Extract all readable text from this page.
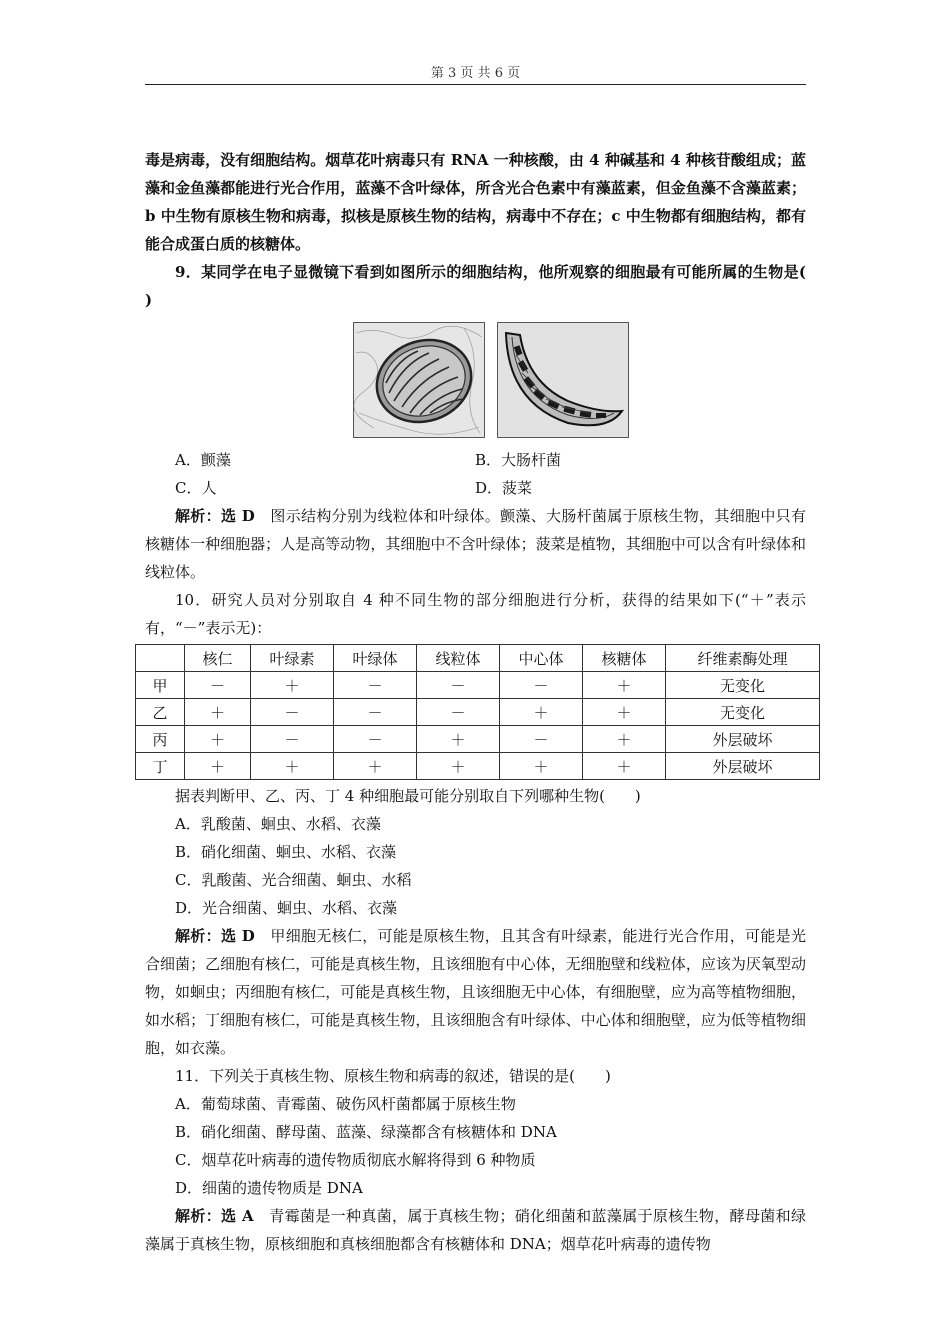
第 3 页 共 6 页

毒是病毒，没有细胞结构。烟草花叶病毒只有 RNA 一种核酸，由 4 种碱基和 4 种核苷酸组成；蓝藻和金鱼藻都能进行光合作用，蓝藻不含叶绿体，所含光合色素中有藻蓝素，但金鱼藻不含藻蓝素；b 中生物有原核生物和病毒，拟核是原核生物的结构，病毒中不存在；c 中生物都有细胞结构，都有能合成蛋白质的核糖体。

9．某同学在电子显微镜下看到如图所示的细胞结构，他所观察的细胞最有可能所属的生物是(　　)

A．颤藻	B．大肠杆菌
C．人	D．菠菜

解析：选 D　图示结构分别为线粒体和叶绿体。颤藻、大肠杆菌属于原核生物，其细胞中只有核糖体一种细胞器；人是高等动物，其细胞中不含叶绿体；菠菜是植物，其细胞中可以含有叶绿体和线粒体。

10．研究人员对分别取自 4 种不同生物的部分细胞进行分析，获得的结果如下(“＋”表示有，“－”表示无)：

	核仁	叶绿素	叶绿体	线粒体	中心体	核糖体	纤维素酶处理
甲	－	＋	－	－	－	＋	无变化
乙	＋	－	－	－	＋	＋	无变化
丙	＋	－	－	＋	－	＋	外层破坏
丁	＋	＋	＋	＋	＋	＋	外层破坏

据表判断甲、乙、丙、丁 4 种细胞最可能分别取自下列哪种生物(　　)

A．乳酸菌、蛔虫、水稻、衣藻
B．硝化细菌、蛔虫、水稻、衣藻
C．乳酸菌、光合细菌、蛔虫、水稻
D．光合细菌、蛔虫、水稻、衣藻

解析：选 D　甲细胞无核仁，可能是原核生物，且其含有叶绿素，能进行光合作用，可能是光合细菌；乙细胞有核仁，可能是真核生物，且该细胞有中心体，无细胞壁和线粒体，应该为厌氧型动物，如蛔虫；丙细胞有核仁，可能是真核生物，且该细胞无中心体，有细胞壁，应为高等植物细胞，如水稻；丁细胞有核仁，可能是真核生物，且该细胞含有叶绿体、中心体和细胞壁，应为低等植物细胞，如衣藻。

11．下列关于真核生物、原核生物和病毒的叙述，错误的是(　　)

A．葡萄球菌、青霉菌、破伤风杆菌都属于原核生物
B．硝化细菌、酵母菌、蓝藻、绿藻都含有核糖体和 DNA
C．烟草花叶病毒的遗传物质彻底水解将得到 6 种物质
D．细菌的遗传物质是 DNA

解析：选 A　青霉菌是一种真菌，属于真核生物；硝化细菌和蓝藻属于原核生物，酵母菌和绿藻属于真核生物，原核细胞和真核细胞都含有核糖体和 DNA；烟草花叶病毒的遗传物
